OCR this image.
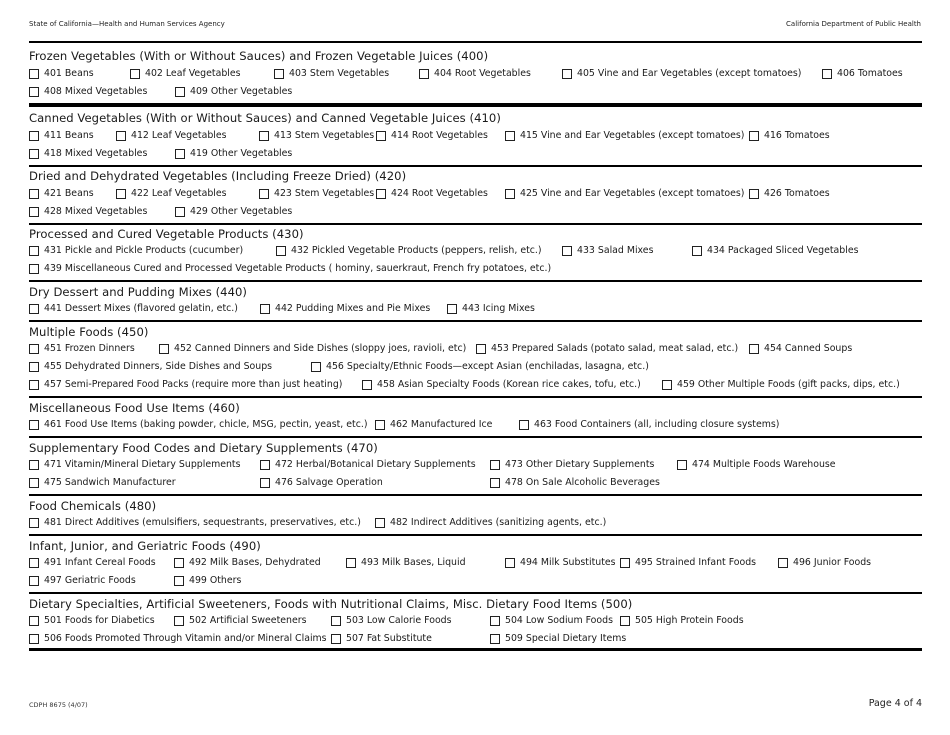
State of California—Health and Human Services Agency	California Department of Public Health
Frozen Vegetables (With or Without Sauces) and Frozen Vegetable Juices (400)
401 Beans	402 Leaf Vegetables	403 Stem Vegetables	404 Root Vegetables	405 Vine and Ear Vegetables (except tomatoes)	406 Tomatoes
408 Mixed Vegetables	409 Other Vegetables
Canned Vegetables (With or Without Sauces) and Canned Vegetable Juices (410)
411 Beans	412 Leaf Vegetables	413 Stem Vegetables 414 Root Vegetables	415 Vine and Ear Vegetables (except tomatoes) 416 Tomatoes
418 Mixed Vegetables	419 Other Vegetables
Dried and Dehydrated Vegetables (Including Freeze Dried) (420)
421 Beans	422 Leaf Vegetables	423 Stem Vegetables 424 Root Vegetables	425 Vine and Ear Vegetables (except tomatoes) 426 Tomatoes
428 Mixed Vegetables	429 Other Vegetables
Processed and Cured Vegetable Products (430)
431 Pickle and Pickle Products (cucumber)	432 Pickled Vegetable Products (peppers, relish, etc.)	433 Salad Mixes	434 Packaged Sliced Vegetables
439 Miscellaneous Cured and Processed Vegetable Products ( hominy, sauerkraut, French fry potatoes, etc.)
Dry Dessert and Pudding Mixes (440)
441 Dessert Mixes (flavored gelatin, etc.)	442 Pudding Mixes and Pie Mixes	443 Icing Mixes
Multiple Foods (450)
451 Frozen Dinners	452 Canned Dinners and Side Dishes (sloppy joes, ravioli, etc)	453 Prepared Salads (potato salad, meat salad, etc.)	454 Canned Soups
455 Dehydrated Dinners, Side Dishes and Soups	456 Specialty/Ethnic Foods—except Asian (enchiladas, lasagna, etc.)
457 Semi-Prepared Food Packs (require more than just heating)	458 Asian Specialty Foods (Korean rice cakes, tofu, etc.)	459 Other Multiple Foods (gift packs, dips, etc.)
Miscellaneous Food Use Items (460)
461 Food Use Items (baking powder, chicle, MSG, pectin, yeast, etc.) 462 Manufactured Ice	463 Food Containers (all, including closure systems)
Supplementary Food Codes and Dietary Supplements (470)
471 Vitamin/Mineral Dietary Supplements	472 Herbal/Botanical Dietary Supplements	473 Other Dietary Supplements	474 Multiple Foods Warehouse
475 Sandwich Manufacturer	476 Salvage Operation	478 On Sale Alcoholic Beverages
Food Chemicals (480)
481 Direct Additives (emulsifiers, sequestrants, preservatives, etc.)	482 Indirect Additives (sanitizing agents, etc.)
Infant, Junior, and Geriatric Foods (490)
491 Infant Cereal Foods	492 Milk Bases, Dehydrated	493 Milk Bases, Liquid	494 Milk Substitutes 495 Strained Infant Foods	496 Junior Foods
497 Geriatric Foods	499 Others
Dietary Specialties, Artificial Sweeteners, Foods with Nutritional Claims, Misc. Dietary Food Items (500)
501 Foods for Diabetics	502 Artificial Sweeteners	503 Low Calorie Foods	504 Low Sodium Foods 505 High Protein Foods
506 Foods Promoted Through Vitamin and/or Mineral Claims 507 Fat Substitute	509 Special Dietary Items
CDPH 8675 (4/07)	Page 4 of 4
